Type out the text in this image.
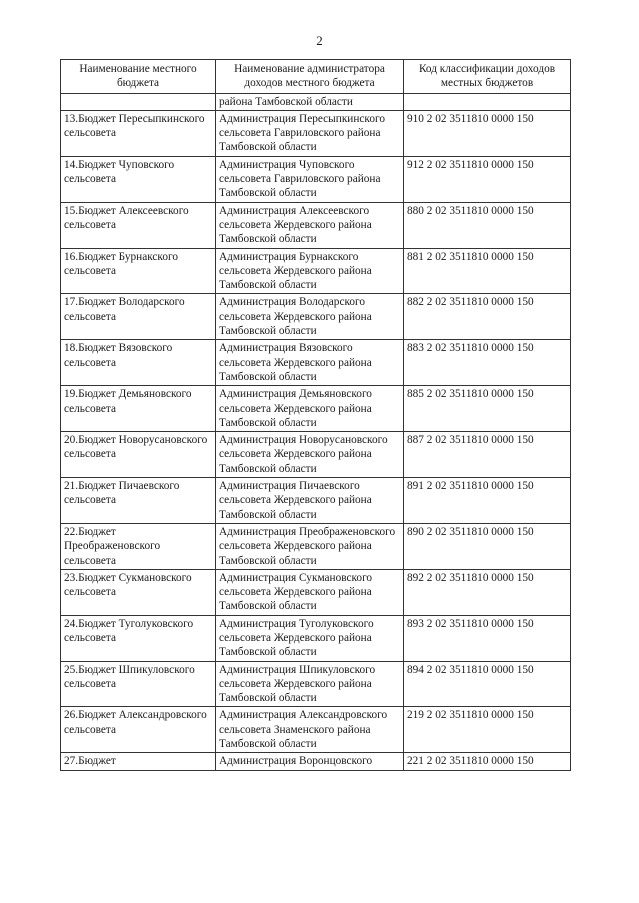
2
Наименование местного бюджета	Наименование администратора доходов местного бюджета	Код классификации доходов местных бюджетов
	района Тамбовской области	
13.Бюджет Пересыпкинского сельсовета	Администрация Пересыпкинского сельсовета Гавриловского района Тамбовской области	910 2 02 3511810 0000 150
14.Бюджет Чуповского сельсовета	Администрация Чуповского сельсовета Гавриловского района Тамбовской области	912 2 02 3511810 0000 150
15.Бюджет Алексеевского сельсовета	Администрация Алексеевского сельсовета Жердевского района Тамбовской области	880 2 02 3511810 0000 150
16.Бюджет Бурнакского сельсовета	Администрация Бурнакского сельсовета Жердевского района Тамбовской области	881 2 02 3511810 0000 150
17.Бюджет Володарского сельсовета	Администрация Володарского сельсовета Жердевского района Тамбовской области	882 2 02 3511810 0000 150
18.Бюджет Вязовского сельсовета	Администрация Вязовского сельсовета Жердевского района Тамбовской области	883 2 02 3511810 0000 150
19.Бюджет Демьяновского сельсовета	Администрация Демьяновского сельсовета Жердевского района Тамбовской области	885 2 02 3511810 0000 150
20.Бюджет Новорусановского сельсовета	Администрация Новорусановского сельсовета Жердевского района Тамбовской области	887 2 02 3511810 0000 150
21.Бюджет Пичаевского сельсовета	Администрация Пичаевского сельсовета Жердевского района Тамбовской области	891 2 02 3511810 0000 150
22.Бюджет Преображеновского сельсовета	Администрация Преображеновского сельсовета Жердевского района Тамбовской области	890 2 02 3511810 0000 150
23.Бюджет Сукмановского сельсовета	Администрация Сукмановского сельсовета Жердевского района Тамбовской области	892 2 02 3511810 0000 150
24.Бюджет Туголуковского сельсовета	Администрация Туголуковского сельсовета Жердевского района Тамбовской области	893 2 02 3511810 0000 150
25.Бюджет Шпикуловского сельсовета	Администрация Шпикуловского сельсовета Жердевского района Тамбовской области	894 2 02 3511810 0000 150
26.Бюджет Александровского сельсовета	Администрация Александровского сельсовета Знаменского района Тамбовской области	219 2 02 3511810 0000 150
27.Бюджет	Администрация Воронцовского	221 2 02 3511810 0000 150
